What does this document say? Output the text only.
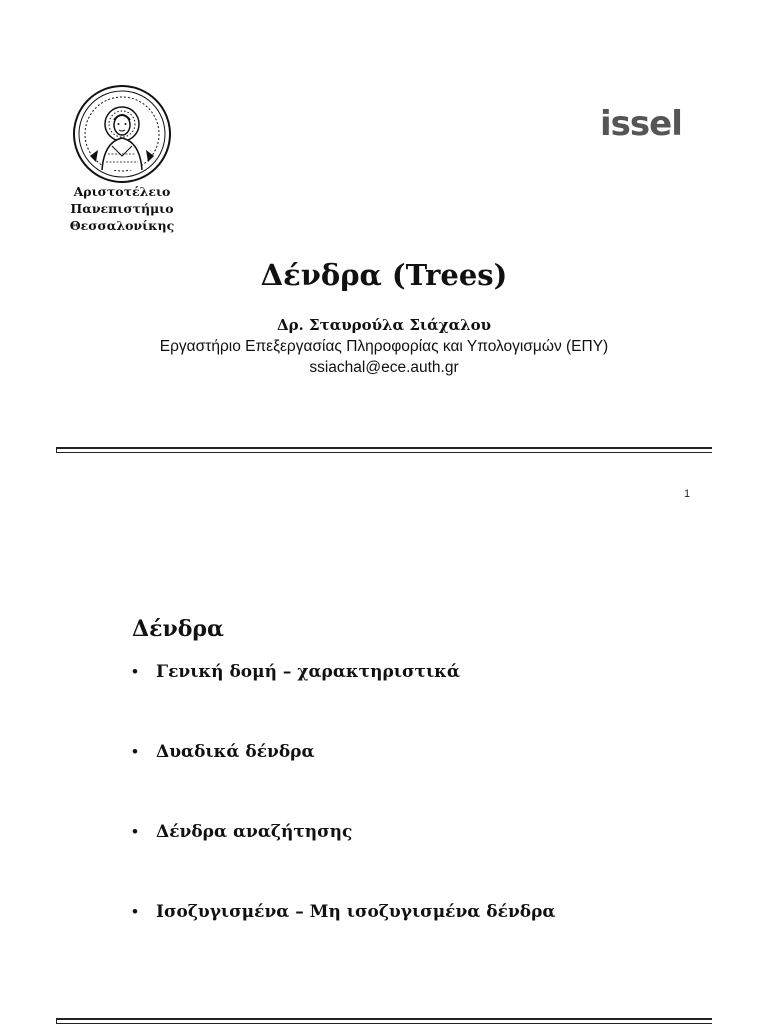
Αριστοτέλειο
Πανεπιστήμιο
Θεσσαλονίκης
issel
Δένδρα (Trees)
Δρ. Σταυρούλα Σιάχαλου
Εργαστήριο Επεξεργασίας Πληροφορίας και Υπολογισμών (ΕΠΥ)
ssiachal@ece.auth.gr
1
Δένδρα
•	Γενική δομή – χαρακτηριστικά
•	Δυαδικά δένδρα
•	Δένδρα αναζήτησης
•	Ισοζυγισμένα – Μη ισοζυγισμένα δένδρα
